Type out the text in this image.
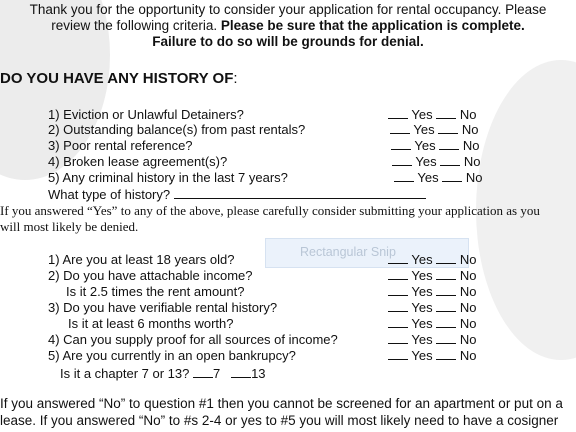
Thank you for the opportunity to consider your application for rental occupancy. Please
review the following criteria. Please be sure that the application is complete.
Failure to do so will be grounds for denial.
DO YOU HAVE ANY HISTORY OF:
1) Eviction or Unlawful Detainers?	Yes No
2) Outstanding balance(s) from past rentals?	Yes No
3) Poor rental reference?	Yes No
4) Broken lease agreement(s)?	Yes No
5) Any criminal history in the last 7 years?	Yes No
What type of history?
If you answered “Yes” to any of the above, please carefully consider submitting your application as you
will most likely be denied.
Rectangular Snip
1) Are you at least 18 years old?	Yes No
2) Do you have attachable income?	Yes No
Is it 2.5 times the rent amount?	Yes No
3) Do you have verifiable rental history?	Yes No
Is it at least 6 months worth?	Yes No
4) Can you supply proof for all sources of income?	Yes No
5) Are you currently in an open bankrupcy?	Yes No
Is it a chapter 7 or 13? 7 13
If you answered “No” to question #1 then you cannot be screened for an apartment or put on a
lease. If you answered “No” to #s 2-4 or yes to #5 you will most likely need to have a cosigner
